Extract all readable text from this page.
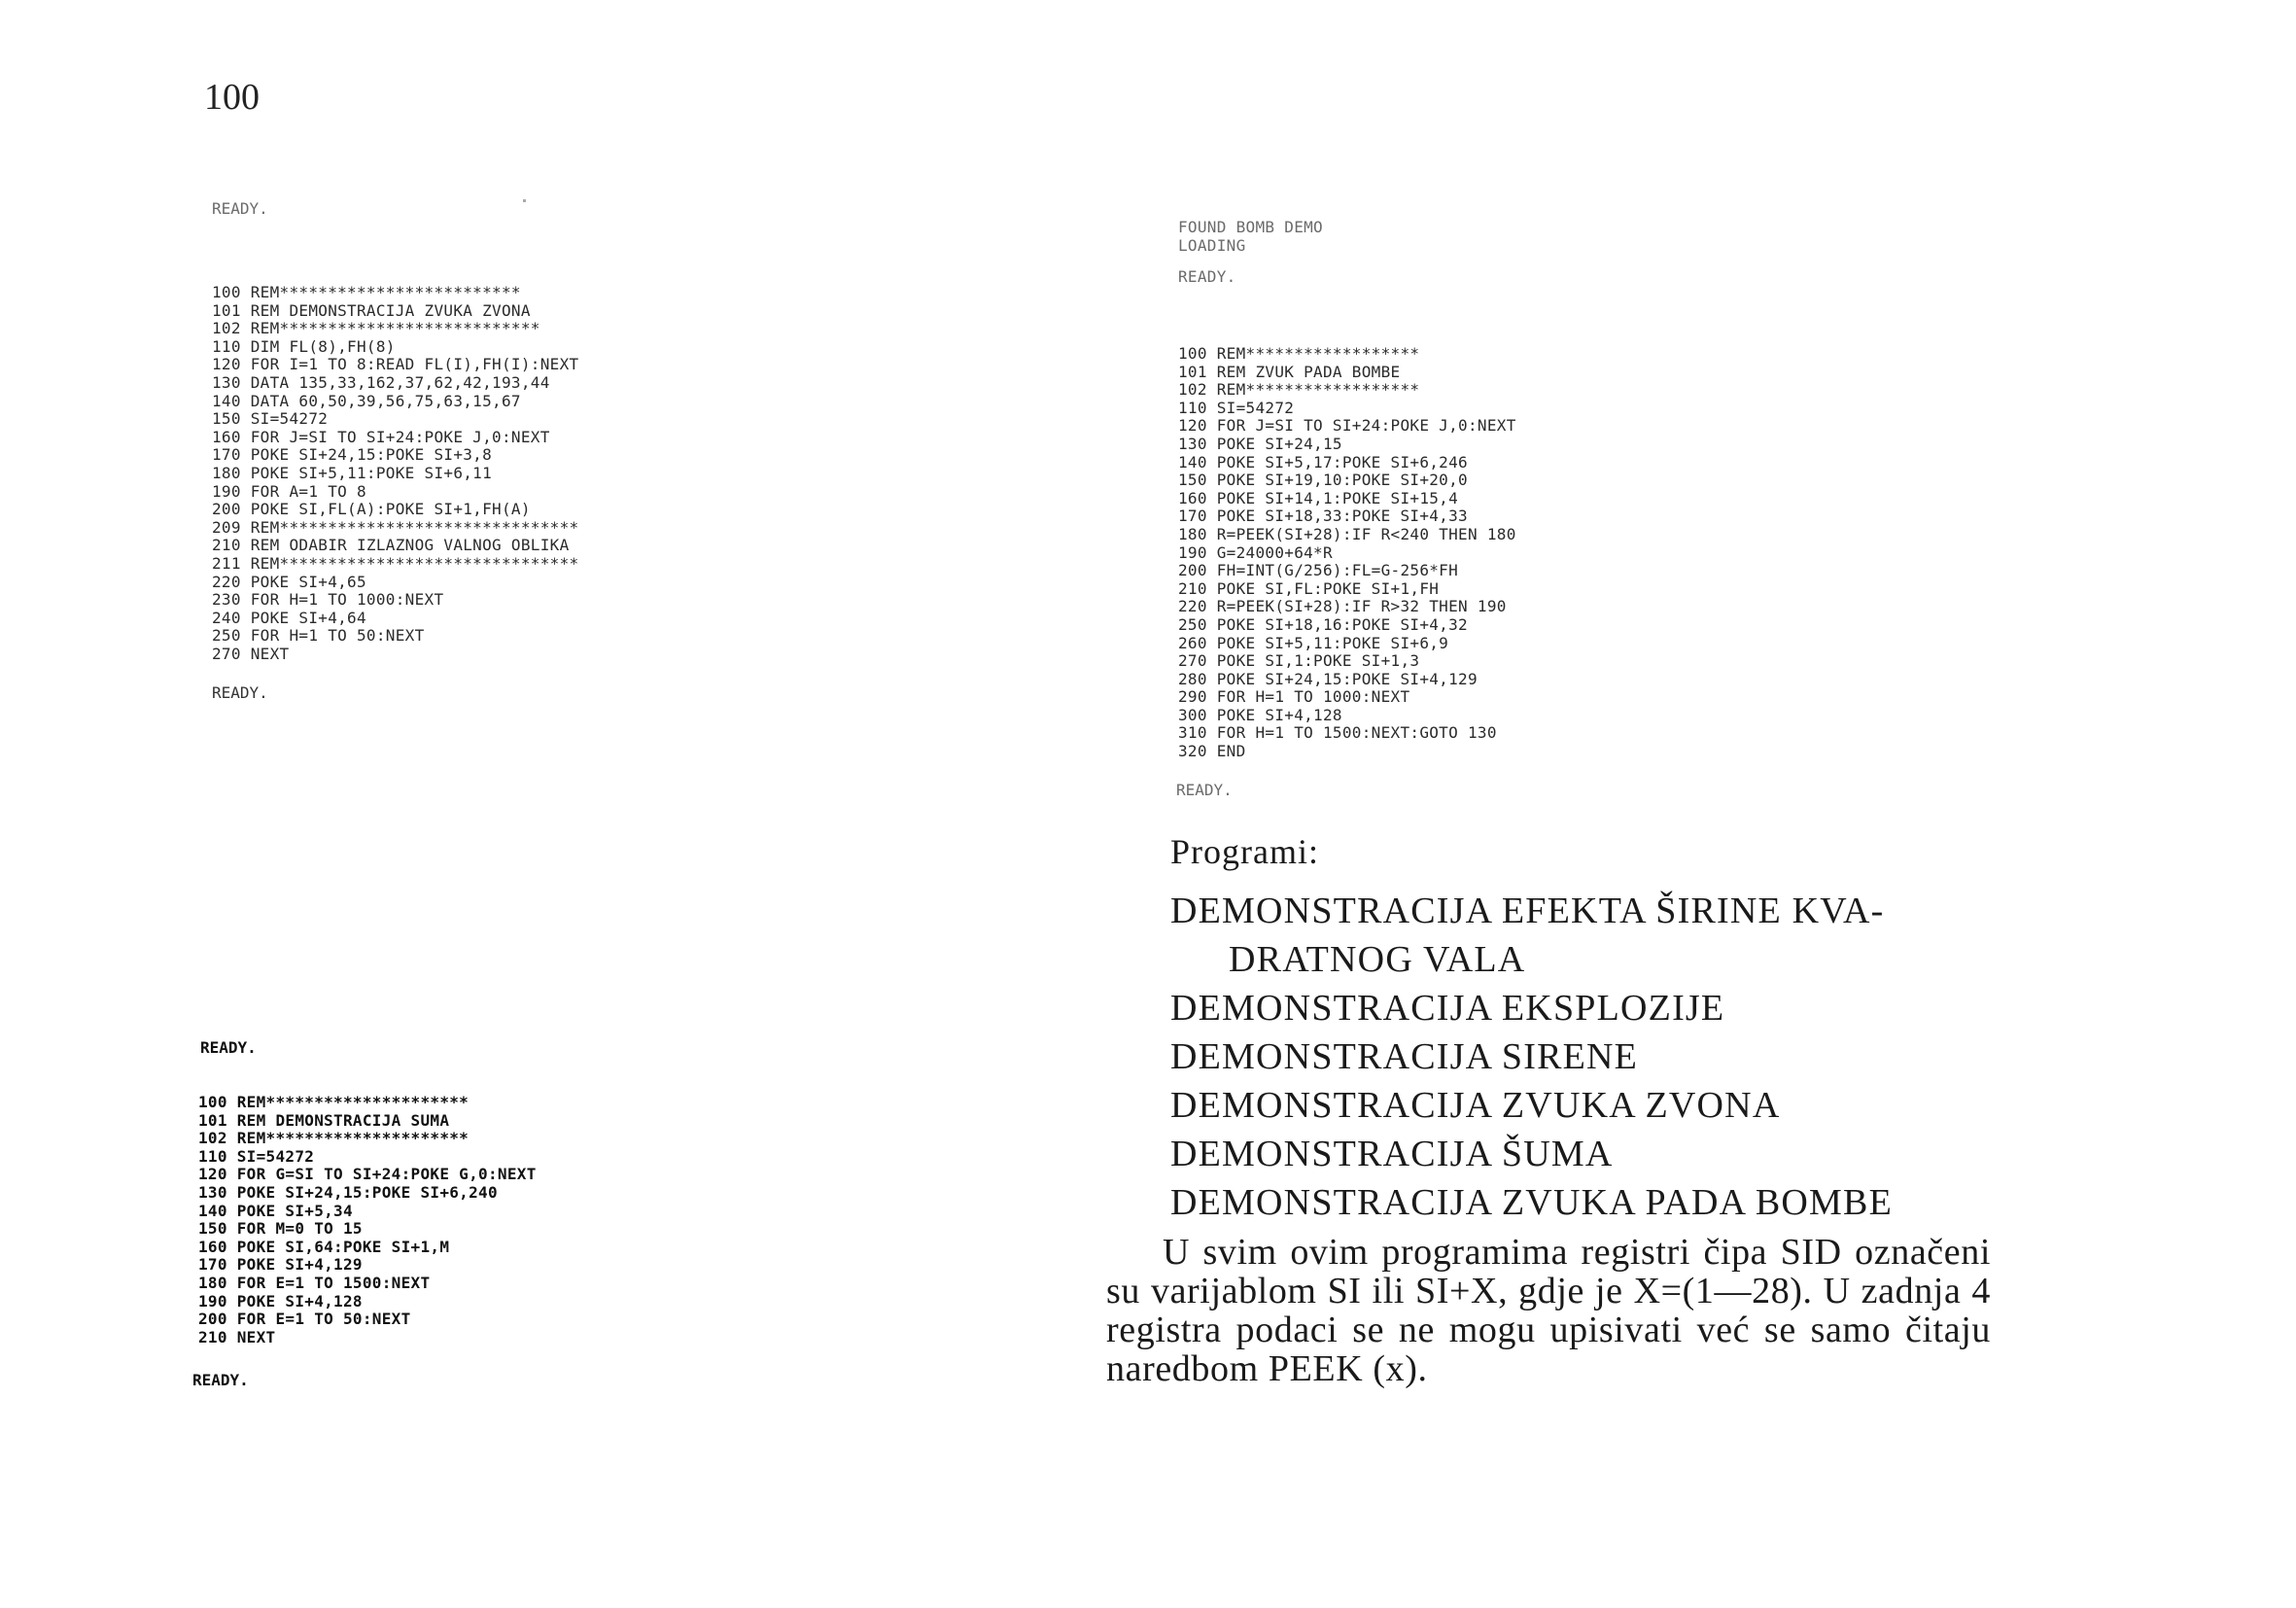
100
READY.
100 REM*************************
101 REM DEMONSTRACIJA ZVUKA ZVONA
102 REM***************************
110 DIM FL(8),FH(8)
120 FOR I=1 TO 8:READ FL(I),FH(I):NEXT
130 DATA 135,33,162,37,62,42,193,44
140 DATA 60,50,39,56,75,63,15,67
150 SI=54272
160 FOR J=SI TO SI+24:POKE J,0:NEXT
170 POKE SI+24,15:POKE SI+3,8
180 POKE SI+5,11:POKE SI+6,11
190 FOR A=1 TO 8
200 POKE SI,FL(A):POKE SI+1,FH(A)
209 REM*******************************
210 REM ODABIR IZLAZNOG VALNOG OBLIKA
211 REM*******************************
220 POKE SI+4,65
230 FOR H=1 TO 1000:NEXT
240 POKE SI+4,64
250 FOR H=1 TO 50:NEXT
270 NEXT
READY.
READY.
100 REM*********************
101 REM DEMONSTRACIJA SUMA
102 REM*********************
110 SI=54272
120 FOR G=SI TO SI+24:POKE G,0:NEXT
130 POKE SI+24,15:POKE SI+6,240
140 POKE SI+5,34
150 FOR M=0 TO 15
160 POKE SI,64:POKE SI+1,M
170 POKE SI+4,129
180 FOR E=1 TO 1500:NEXT
190 POKE SI+4,128
200 FOR E=1 TO 50:NEXT
210 NEXT
READY.
FOUND BOMB DEMO
LOADING
READY.
100 REM******************
101 REM ZVUK PADA BOMBE
102 REM******************
110 SI=54272
120 FOR J=SI TO SI+24:POKE J,0:NEXT
130 POKE SI+24,15
140 POKE SI+5,17:POKE SI+6,246
150 POKE SI+19,10:POKE SI+20,0
160 POKE SI+14,1:POKE SI+15,4
170 POKE SI+18,33:POKE SI+4,33
180 R=PEEK(SI+28):IF R<240 THEN 180
190 G=24000+64*R
200 FH=INT(G/256):FL=G-256*FH
210 POKE SI,FL:POKE SI+1,FH
220 R=PEEK(SI+28):IF R>32 THEN 190
250 POKE SI+18,16:POKE SI+4,32
260 POKE SI+5,11:POKE SI+6,9
270 POKE SI,1:POKE SI+1,3
280 POKE SI+24,15:POKE SI+4,129
290 FOR H=1 TO 1000:NEXT
300 POKE SI+4,128
310 FOR H=1 TO 1500:NEXT:GOTO 130
320 END
READY.
Programi:
DEMONSTRACIJA EFEKTA ŠIRINE KVA-
DRATNOG VALA
DEMONSTRACIJA EKSPLOZIJE
DEMONSTRACIJA SIRENE
DEMONSTRACIJA ZVUKA ZVONA
DEMONSTRACIJA ŠUMA
DEMONSTRACIJA ZVUKA PADA BOMBE

U svim ovim programima registri čipa SID označeni su varijablom SI ili SI+X, gdje je X=(1—28). U zadnja 4 registra podaci se ne mogu upisivati već se samo čitaju naredbom PEEK (x).
